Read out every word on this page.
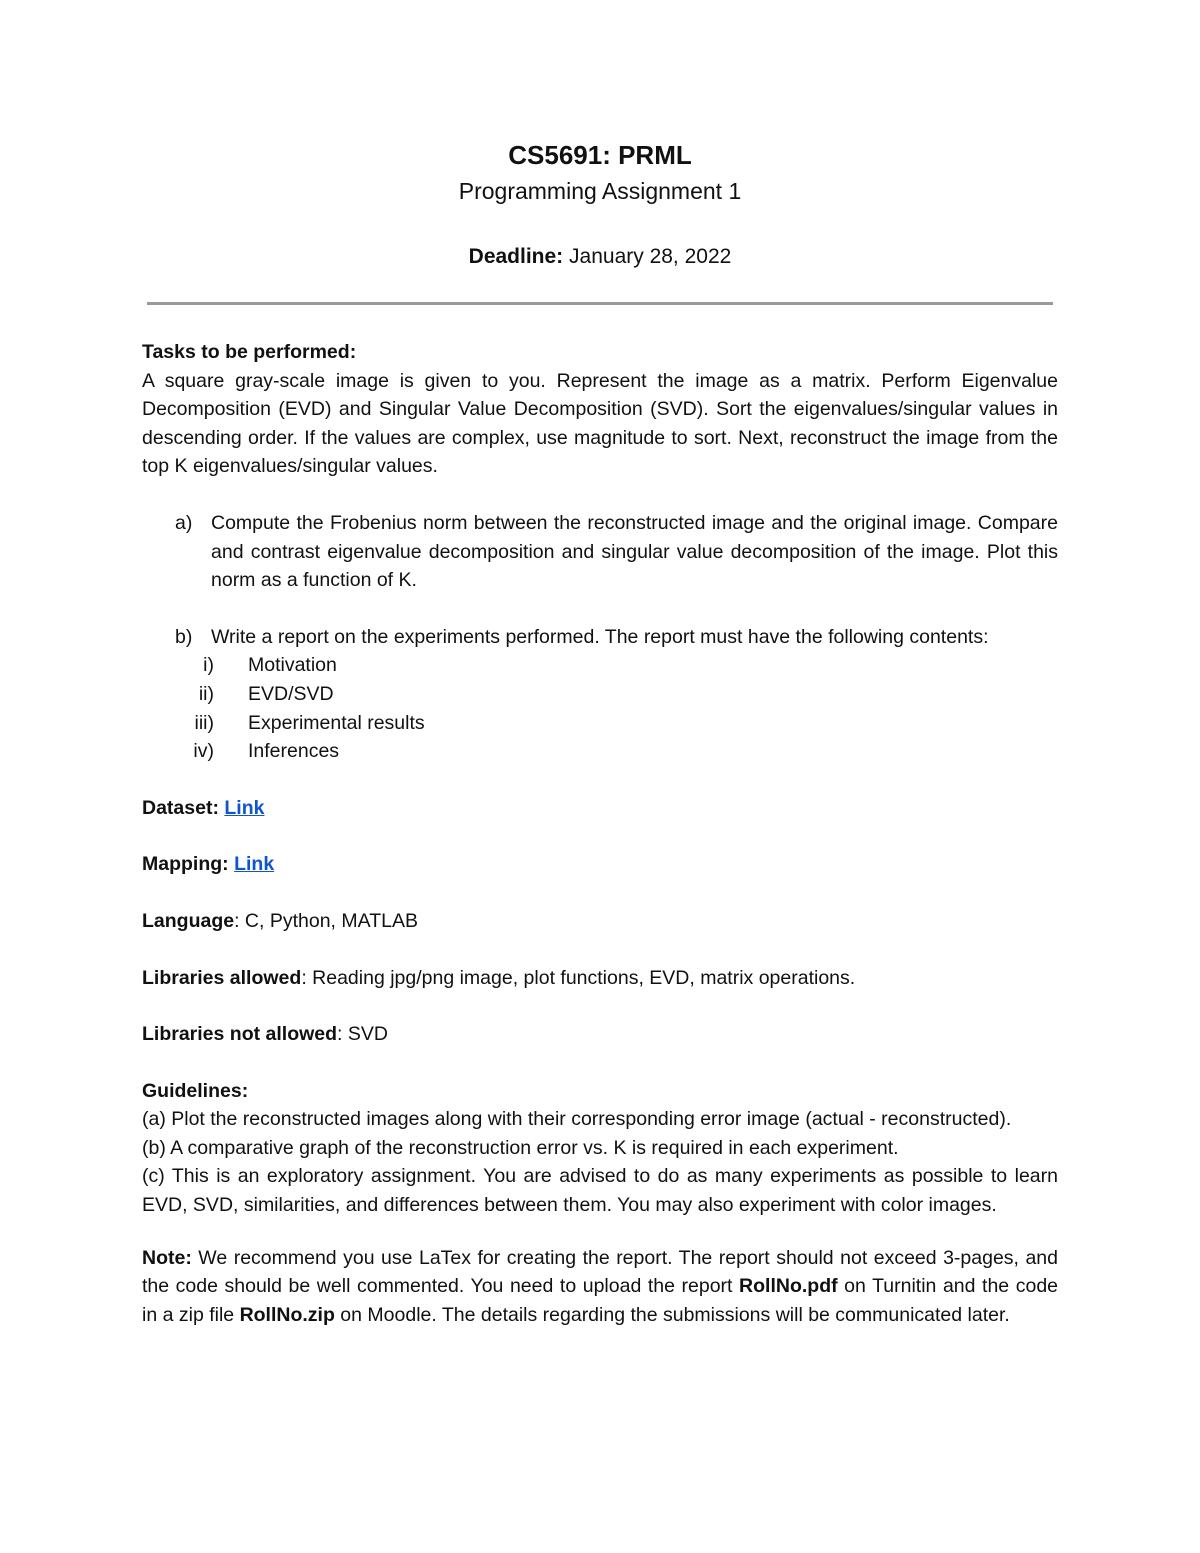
CS5691: PRML
Programming Assignment 1
Deadline: January 28, 2022

Tasks to be performed:

A square gray-scale image is given to you. Represent the image as a matrix. Perform Eigenvalue Decomposition (EVD) and Singular Value Decomposition (SVD). Sort the eigenvalues/singular values in descending order. If the values are complex, use magnitude to sort. Next, reconstruct the image from the top K eigenvalues/singular values.

a) Compute the Frobenius norm between the reconstructed image and the original image. Compare and contrast eigenvalue decomposition and singular value decomposition of the image. Plot this norm as a function of K.
b) Write a report on the experiments performed. The report must have the following contents:
i)	Motivation
ii)	EVD/SVD
iii)	Experimental results
iv)	Inferences

Dataset: Link

Mapping: Link

Language: C, Python, MATLAB

Libraries allowed: Reading jpg/png image, plot functions, EVD, matrix operations.

Libraries not allowed: SVD

Guidelines:

(a) Plot the reconstructed images along with their corresponding error image (actual - reconstructed).

(b) A comparative graph of the reconstruction error vs. K is required in each experiment.

(c) This is an exploratory assignment. You are advised to do as many experiments as possible to learn EVD, SVD, similarities, and differences between them. You may also experiment with color images.

Note: We recommend you use LaTex for creating the report. The report should not exceed 3-pages, and the code should be well commented. You need to upload the report RollNo.pdf on Turnitin and the code in a zip file RollNo.zip on Moodle. The details regarding the submissions will be communicated later.
